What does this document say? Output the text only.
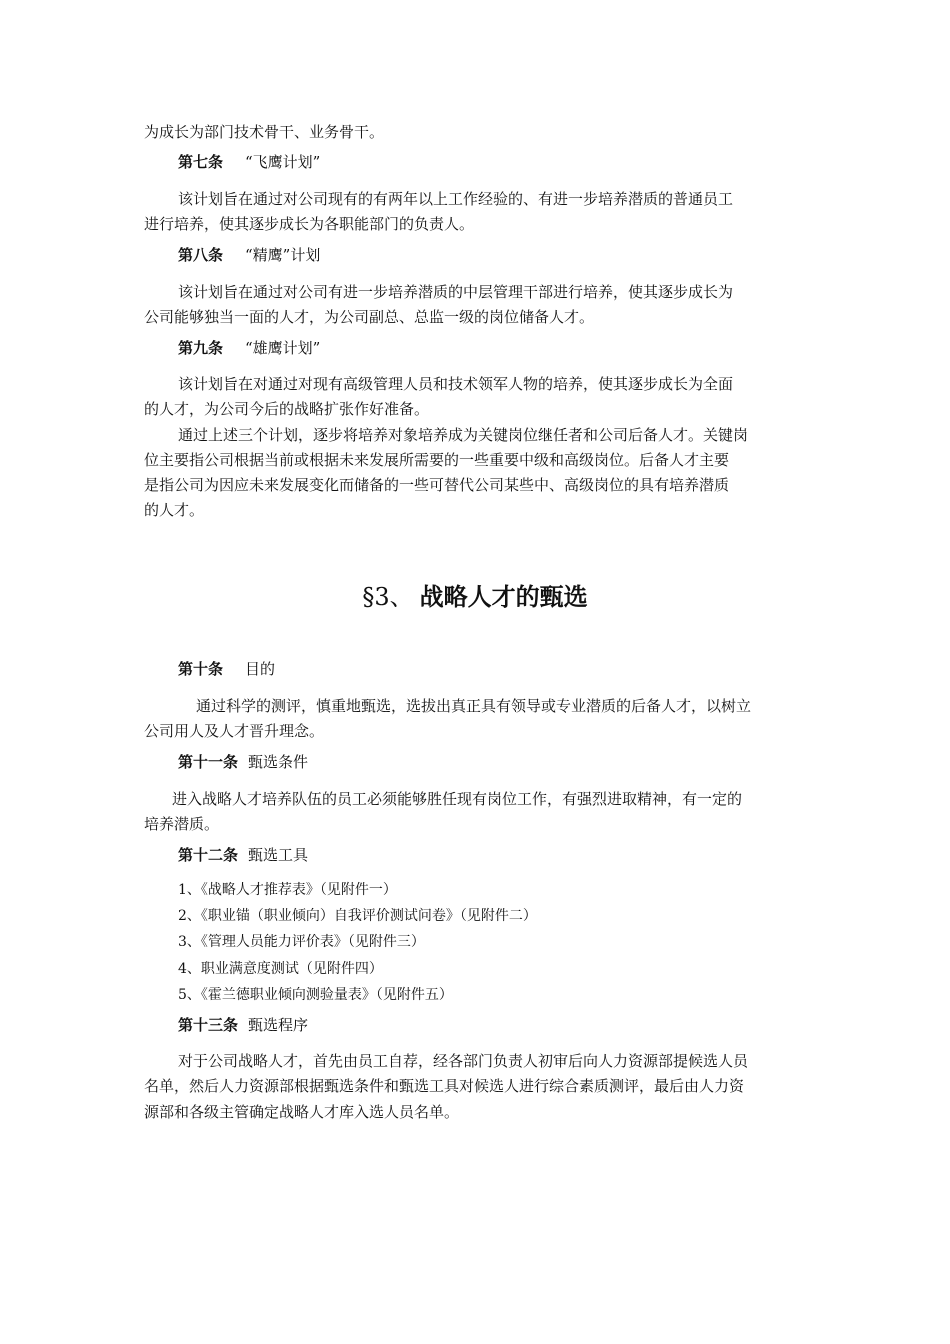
为成长为部门技术骨干、业务骨干。
第七条 “飞鹰计划”
该计划旨在通过对公司现有的有两年以上工作经验的、有进一步培养潜质的普通员工
进行培养，使其逐步成长为各职能部门的负责人。
第八条 “精鹰”计划
该计划旨在通过对公司有进一步培养潜质的中层管理干部进行培养，使其逐步成长为
公司能够独当一面的人才，为公司副总、总监一级的岗位储备人才。
第九条 “雄鹰计划”
该计划旨在对通过对现有高级管理人员和技术领军人物的培养，使其逐步成长为全面
的人才，为公司今后的战略扩张作好准备。
通过上述三个计划，逐步将培养对象培养成为关键岗位继任者和公司后备人才。关键岗
位主要指公司根据当前或根据未来发展所需要的一些重要中级和高级岗位。后备人才主要
是指公司为因应未来发展变化而储备的一些可替代公司某些中、高级岗位的具有培养潜质
的人才。
§3、 战略人才的甄选
第十条 目的
通过科学的测评，慎重地甄选，选拔出真正具有领导或专业潜质的后备人才，以树立
公司用人及人才晋升理念。
第十一条 甄选条件
进入战略人才培养队伍的员工必须能够胜任现有岗位工作，有强烈进取精神，有一定的
培养潜质。
第十二条 甄选工具
1、《战略人才推荐表》（见附件一）
2、《职业锚（职业倾向）自我评价测试问卷》（见附件二）
3、《管理人员能力评价表》（见附件三）
4、职业满意度测试（见附件四）
5、《霍兰德职业倾向测验量表》（见附件五）
第十三条 甄选程序
对于公司战略人才，首先由员工自荐，经各部门负责人初审后向人力资源部提候选人员
名单，然后人力资源部根据甄选条件和甄选工具对候选人进行综合素质测评，最后由人力资
源部和各级主管确定战略人才库入选人员名单。
